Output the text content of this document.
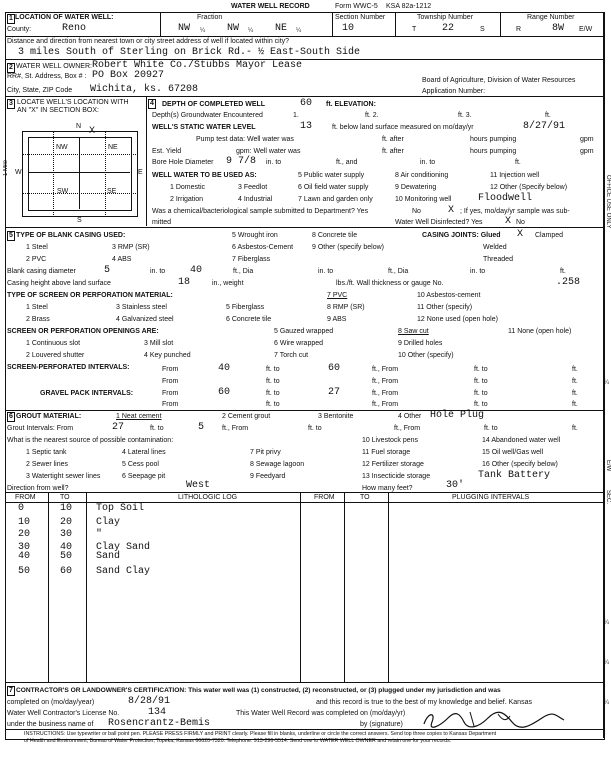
WATER WELL RECORD	Form WWC-5 KSA 82a-1212
OFFICE USE ONLY
¼
E/W
SEC.
¼
¼
¼
1 LOCATION OF WATER WELL:
County:	Reno
Fraction
NW ¼ NW ¼ NE ¼
Section Number
10
Township Number
T	22	S
Range Number
R	8W E/W
Distance and direction from nearest town or city street address of well if located within city?
3 miles South of Sterling on Brick Rd.- ½ East-South Side
2 WATER WELL OWNER: Robert White Co./Stubbs Mayor Lease
RR#, St. Address, Box # : PO Box 20927
City, State, ZIP Code Wichita, ks. 67208
Board of Agriculture, Division of Water Resources
Application Number:
3 LOCATE WELL'S LOCATION WITH
AN "X" IN SECTION BOX:
N
S
W	E
NW	NE
SW	SE
X
1 Mile
4 DEPTH OF COMPLETED WELL	60 ft. ELEVATION:
Depth(s) Groundwater Encountered	1.	ft. 2.	ft. 3.	ft.
WELL'S STATIC WATER LEVEL	13	ft. below land surface measured on mo/day/yr	8/27/91
Pump test data: Well water was	ft. after	hours pumping	gpm
Est. Yield	gpm: Well water was	ft. after	hours pumping	gpm
Bore Hole Diameter 9 7/8 in. to	ft., and	in. to	ft.
WELL WATER TO BE USED AS:	5 Public water supply	8 Air conditioning	11 Injection well
1 Domestic	3 Feedlot	6 Oil field water supply	9 Dewatering	12 Other (Specify below)
2 Irrigation	4 Industrial	7 Lawn and garden only	10 Monitoring well	Floodwell
Was a chemical/bacteriological sample submitted to Department? Yes	No	X ; If yes, mo/day/yr sample was sub-
mitted	Water Well Disinfected? Yes X No
5 TYPE OF BLANK CASING USED:	5 Wrought iron	8 Concrete tile
1 Steel	3 RMP (SR)	6 Asbestos-Cement	9 Other (specify below)
2 PVC	4 ABS	7 Fiberglass
CASING JOINTS: Glued X Clamped
Welded
Threaded
Blank casing diameter	5	in. to 40	ft., Dia	in. to	ft., Dia	in. to	ft.
Casing height above land surface	18	in., weight	lbs./ft. Wall thickness or gauge No.	.258
TYPE OF SCREEN OR PERFORATION MATERIAL:	7 PVC	10 Asbestos-cement
1 Steel	3 Stainless steel	5 Fiberglass	8 RMP (SR)	11 Other (specify)
2 Brass	4 Galvanized steel	6 Concrete tile	9 ABS	12 None used (open hole)
SCREEN OR PERFORATION OPENINGS ARE:	5 Gauzed wrapped	8 Saw cut	11 None (open hole)
1 Continuous slot	3 Mill slot	6 Wire wrapped	9 Drilled holes
2 Louvered shutter	4 Key punched	7 Torch cut	10 Other (specify)
SCREEN-PERFORATED INTERVALS:	From	40	ft. to	60	ft., From	ft. to	ft.
From	ft. to	ft., From	ft. to	ft.
GRAVEL PACK INTERVALS:	From	60	ft. to	27	ft., From	ft. to	ft.
From	ft. to	ft., From	ft. to	ft.
6 GROUT MATERIAL:	1 Neat cement	2 Cement grout	3 Bentonite	4 Other Hole Plug
Grout Intervals: From	27	ft. to	5	ft., From	ft. to	ft., From	ft. to	ft.
What is the nearest source of possible contamination:	10 Livestock pens	14 Abandoned water well
1 Septic tank	4 Lateral lines	7 Pit privy	11 Fuel storage	15 Oil well/Gas well
2 Sewer lines	5 Cess pool	8 Sewage lagoon	12 Fertilizer storage	16 Other (specify below)
3 Watertight sewer lines	6 Seepage pit	9 Feedyard	13 Insecticide storage	Tank Battery
Direction from well?	West	How many feet?	30'
FROM	TO	LITHOLOGIC LOG	FROM	TO	PLUGGING INTERVALS
0	10 Top Soil
10	20 Clay
20	30 "
30	40 Clay Sand
40	50 Sand
50	60 Sand Clay
7 CONTRACTOR'S OR LANDOWNER'S CERTIFICATION: This water well was (1) constructed, (2) reconstructed, or (3) plugged under my jurisdiction and was
completed on (mo/day/year)	8/28/91	and this record is true to the best of my knowledge and belief. Kansas
Water Well Contractor's License No.	134	This Water Well Record was completed on (mo/day/yr)
under the business name of Rosencrantz-Bemis	by (signature)
INSTRUCTIONS: Use typewriter or ball point pen. PLEASE PRESS FIRMLY and PRINT clearly. Please fill in blanks, underline or circle the correct answers. Send top three copies to Kansas Department
of Health and Environment, Bureau of Water Protection, Topeka, Kansas 66620-7320. Telephone: 913-296-5514. Send one to WATER WELL OWNER and retain one for your records.
